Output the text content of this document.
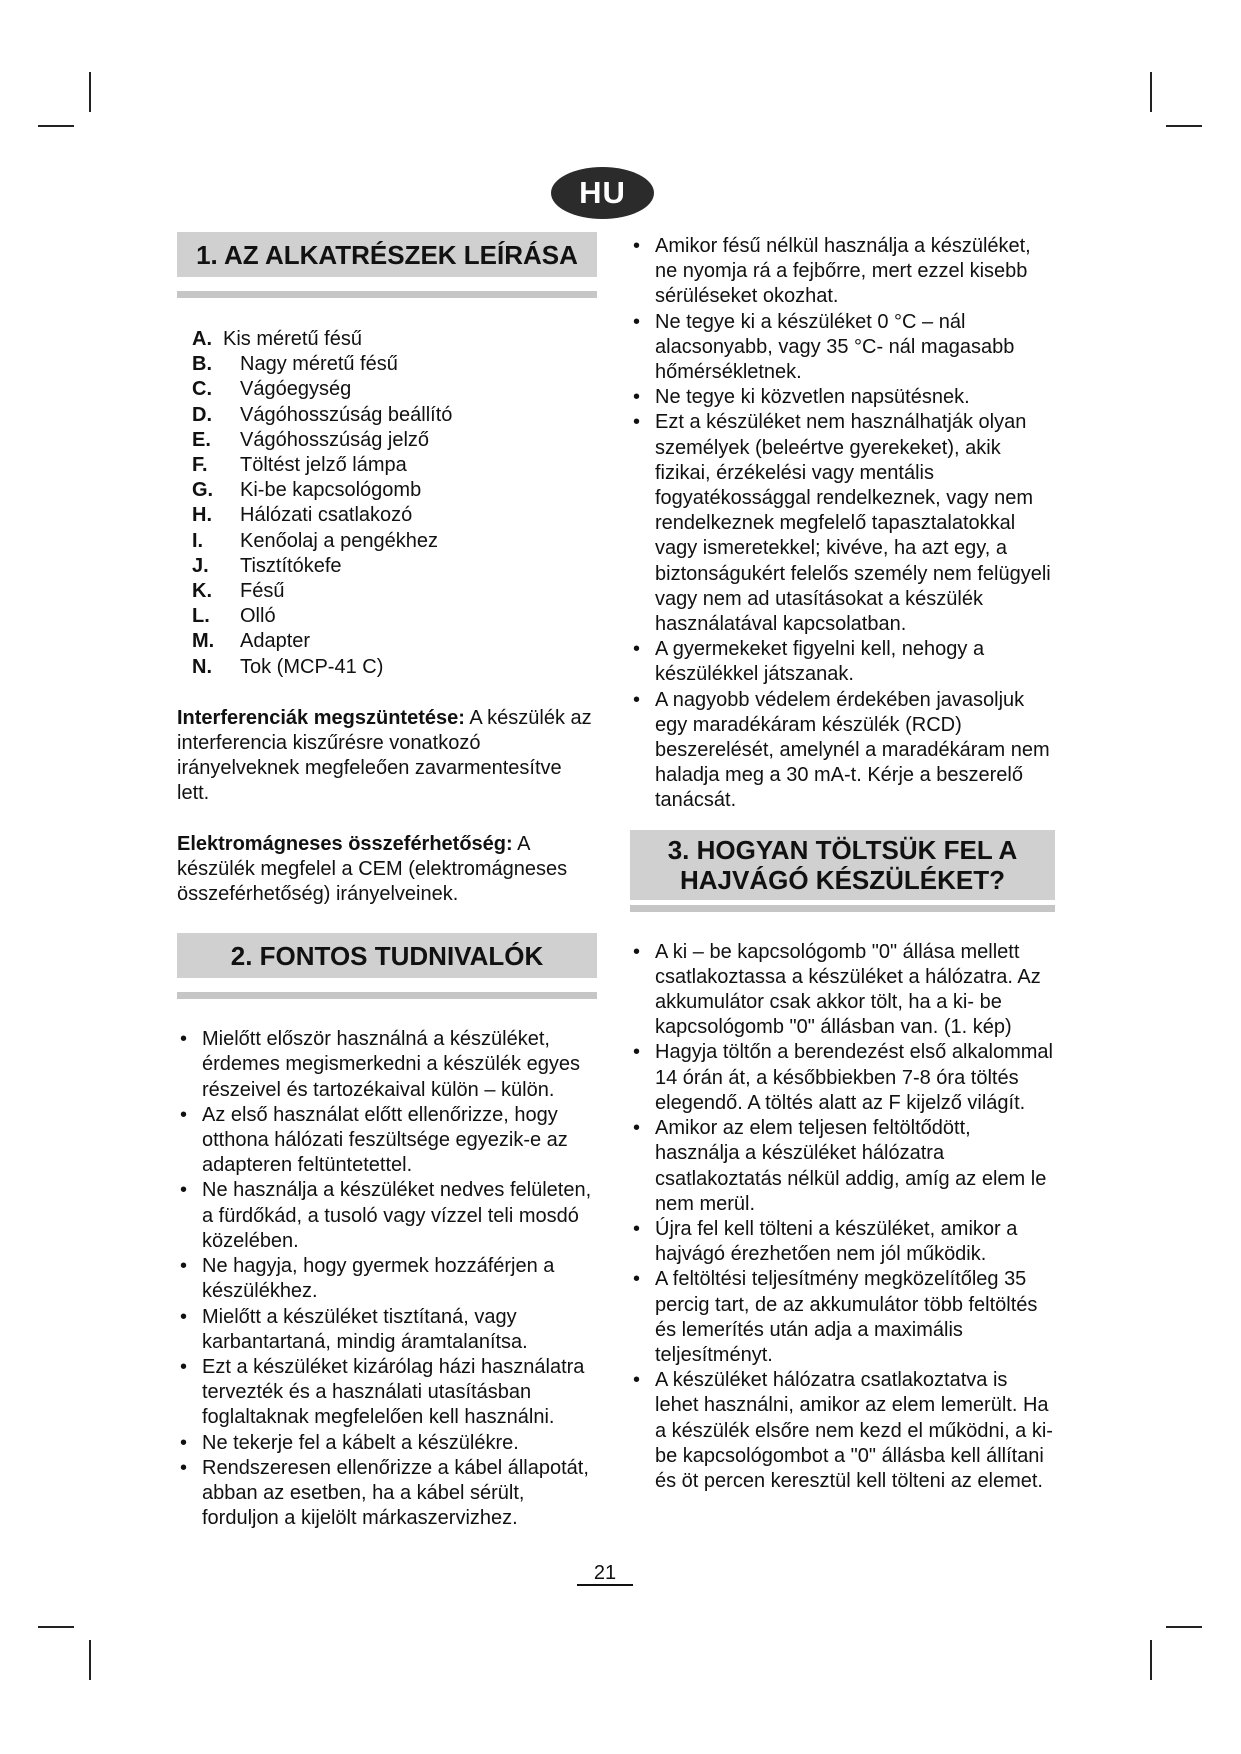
HU
1. AZ ALKATRÉSZEK LEÍRÁSA
A. Kis méretű fésű
B.	Nagy méretű fésű
C.	Vágóegység
D.	Vágóhosszúság beállító
E.	Vágóhosszúság jelző
F.	Töltést jelző lámpa
G.	Ki-be kapcsológomb
H.	Hálózati csatlakozó
I.	Kenőolaj a pengékhez
J.	Tisztítókefe
K.	Fésű
L.	Olló
M.	Adapter
N.	Tok (MCP-41 C)

Interferenciák megszüntetése: A készülék az interferencia kiszűrésre vonatkozó irányelveknek megfeleően zavarmentesítve lett.

Elektromágneses összeférhetőség: A készülék megfelel a CEM (elektromágneses összeférhetőség) irányelveinek.

2. FONTOS TUDNIVALÓK
• Mielőtt először használná a készüléket, érdemes megismerkedni a készülék egyes részeivel és tartozékaival külön – külön.
• Az első használat előtt ellenőrizze, hogy otthona hálózati feszültsége egyezik-e az adapteren feltüntetettel.
• Ne használja a készüléket nedves felületen, a fürdőkád, a tusoló vagy vízzel teli mosdó közelében.
• Ne hagyja, hogy gyermek hozzáférjen a készülékhez.
• Mielőtt a készüléket tisztítaná, vagy karbantartaná, mindig áramtalanítsa.
• Ezt a készüléket kizárólag házi használatra tervezték és a használati utasításban foglaltaknak megfelelően kell használni.
• Ne tekerje fel a kábelt a készülékre.
• Rendszeresen ellenőrizze a kábel állapotát, abban az esetben, ha a kábel sérült, forduljon a kijelölt márkaszervizhez.
• Amikor fésű nélkül használja a készüléket, ne nyomja rá a fejbőrre, mert ezzel kisebb sérüléseket okozhat.
• Ne tegye ki a készüléket 0 °C – nál alacsonyabb, vagy 35 °C- nál magasabb hőmérsékletnek.
• Ne tegye ki közvetlen napsütésnek.
• Ezt a készüléket nem használhatják olyan személyek (beleértve gyerekeket), akik fizikai, érzékelési vagy mentális fogyatékossággal rendelkeznek, vagy nem rendelkeznek megfelelő tapasztalatokkal vagy ismeretekkel; kivéve, ha azt egy, a biztonságukért felelős személy nem felügyeli vagy nem ad utasításokat a készülék használatával kapcsolatban.
• A gyermekeket figyelni kell, nehogy a készülékkel játszanak.
• A nagyobb védelem érdekében javasoljuk egy maradékáram készülék (RCD) beszerelését, amelynél a maradékáram nem haladja meg a 30 mA-t. Kérje a beszerelő tanácsát.
3. HOGYAN TÖLTSÜK FEL A
HAJVÁGÓ KÉSZÜLÉKET?
• A ki – be kapcsológomb "0" állása mellett csatlakoztassa a készüléket a hálózatra. Az akkumulátor csak akkor tölt, ha a ki- be kapcsológomb "0" állásban van. (1. kép)
• Hagyja töltőn a berendezést első alkalommal 14 órán át, a későbbiekben 7-8 óra töltés elegendő. A töltés alatt az F kijelző világít.
• Amikor az elem teljesen feltöltődött, használja a készüléket hálózatra csatlakoztatás nélkül addig, amíg az elem le nem merül.
• Újra fel kell tölteni a készüléket, amikor a hajvágó érezhetően nem jól működik.
• A feltöltési teljesítmény megközelítőleg 35 percig tart, de az akkumulátor több feltöltés és lemerítés után adja a maximális teljesítményt.
• A készüléket hálózatra csatlakoztatva is lehet használni, amikor az elem lemerült. Ha a készülék elsőre nem kezd el működni, a ki-be kapcsológombot a "0" állásba kell állítani és öt percen keresztül kell tölteni az elemet.
21
